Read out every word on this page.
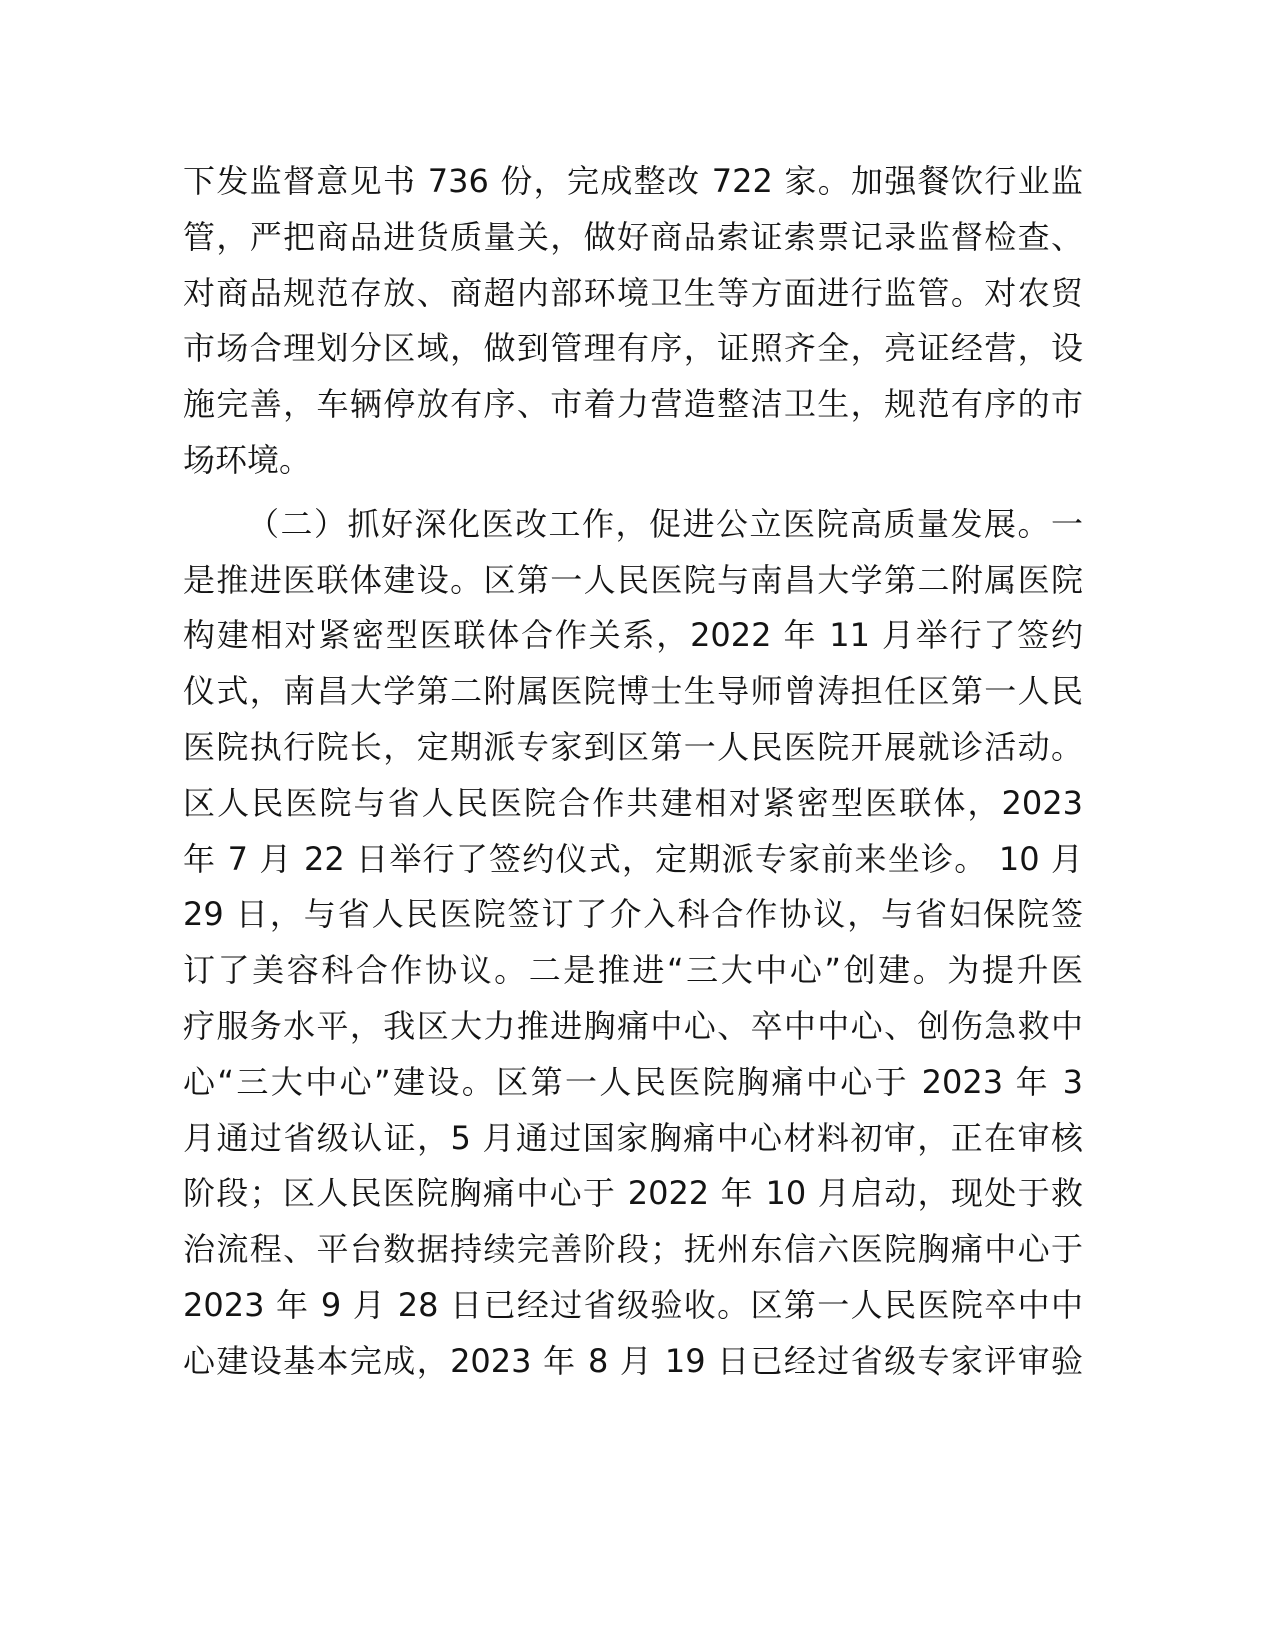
下发监督意见书 736 份，完成整改 722 家。加强餐饮行业监
管，严把商品进货质量关，做好商品索证索票记录监督检查、
对商品规范存放、商超内部环境卫生等方面进行监管。对农贸
市场合理划分区域，做到管理有序，证照齐全，亮证经营，设
施完善，车辆停放有序、市着力营造整洁卫生，规范有序的市
场环境。
（二）抓好深化医改工作，促进公立医院高质量发展。一
是推进医联体建设。区第一人民医院与南昌大学第二附属医院
构建相对紧密型医联体合作关系，2022 年 11 月举行了签约
仪式，南昌大学第二附属医院博士生导师曾涛担任区第一人民
医院执行院长，定期派专家到区第一人民医院开展就诊活动。
区人民医院与省人民医院合作共建相对紧密型医联体，2023
年 7 月 22 日举行了签约仪式，定期派专家前来坐诊。 10 月
29 日，与省人民医院签订了介入科合作协议，与省妇保院签
订了美容科合作协议。二是推进“三大中心”创建。为提升医
疗服务水平，我区大力推进胸痛中心、卒中中心、创伤急救中
心“三大中心”建设。区第一人民医院胸痛中心于 2023 年 3
月通过省级认证，5 月通过国家胸痛中心材料初审，正在审核
阶段；区人民医院胸痛中心于 2022 年 10 月启动，现处于救
治流程、平台数据持续完善阶段；抚州东信六医院胸痛中心于
2023 年 9 月 28 日已经过省级验收。区第一人民医院卒中中
心建设基本完成，2023 年 8 月 19 日已经过省级专家评审验
